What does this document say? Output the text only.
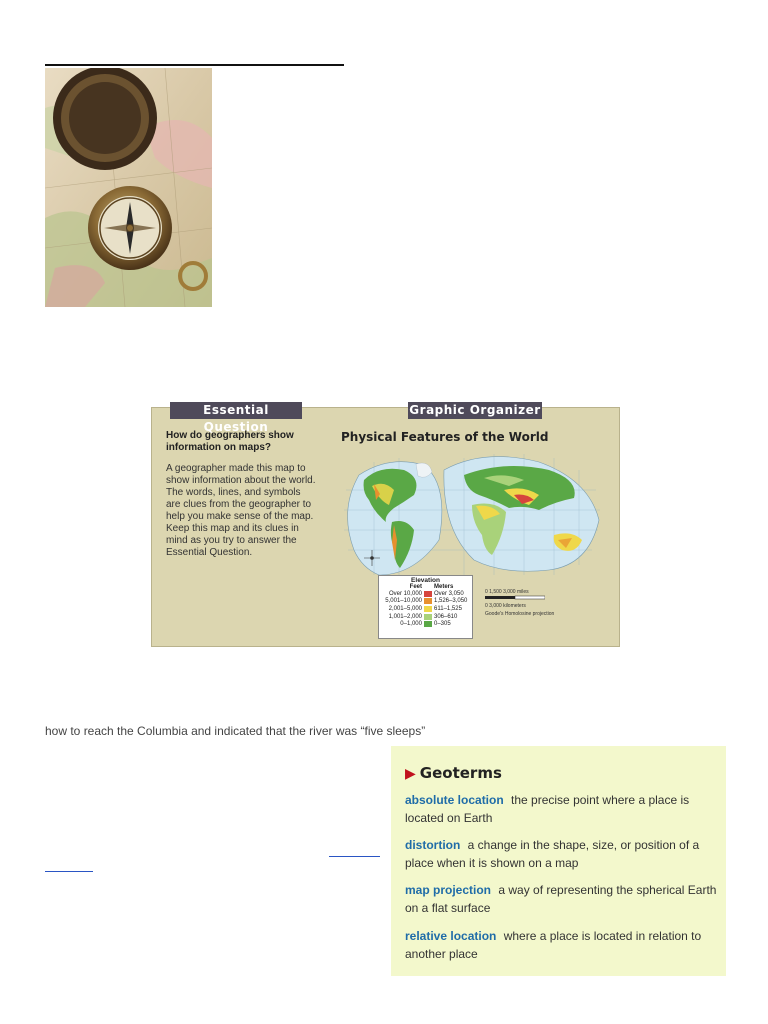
Essential Question
Graphic Organizer
How do geographers show information on maps?
A geographer made this map to show information about the world. The words, lines, and symbols are clues from the geographer to help you make sense of the map. Keep this map and its clues in mind as you try to answer the Essential Question.
Physical Features of the World
Elevation
Feet	Meters
Over 10,000	Over 3,050
5,001–10,000	1,526–3,050
2,001–5,000	611–1,525
1,001–2,000	306–610
0–1,000	0–305
0 1,500 3,000 miles
0 3,000 kilometers
Goode's Homolosine projection
how to reach the Columbia and indicated that the river was “five sleeps”
▶ Geoterms
absolute location the precise point where a place is located on Earth
distortion a change in the shape, size, or position of a place when it is shown on a map
map projection a way of representing the spherical Earth on a flat surface
relative location where a place is located in relation to another place
